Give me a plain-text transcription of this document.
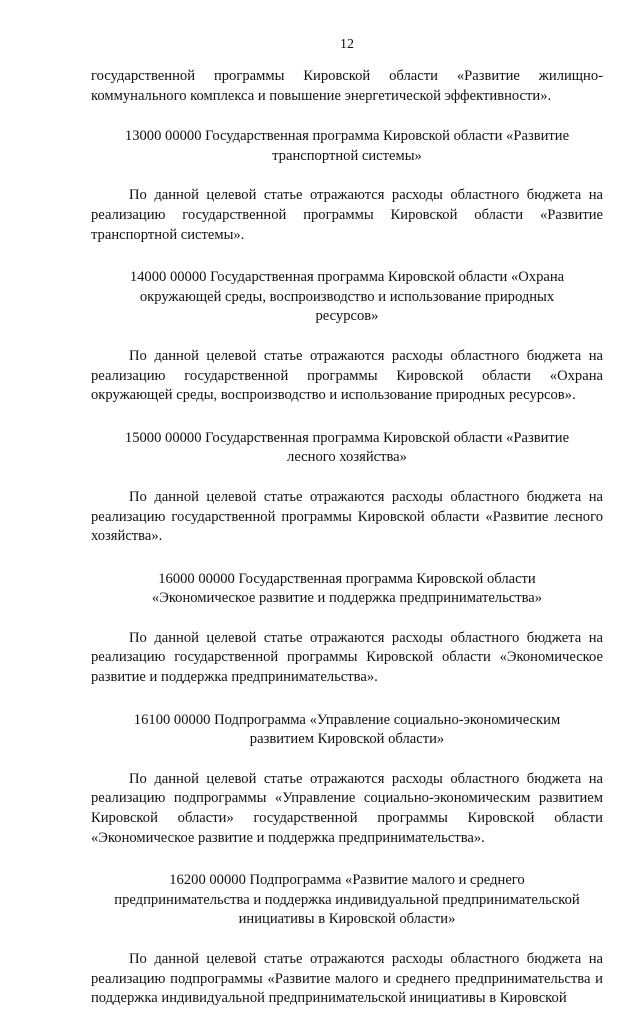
12

государственной программы Кировской области «Развитие жилищно-коммунального комплекса и повышение энергетической эффективности».

13000 00000 Государственная программа Кировской области «Развитие транспортной системы»

По данной целевой статье отражаются расходы областного бюджета на реализацию государственной программы Кировской области «Развитие транспортной системы».

14000 00000 Государственная программа Кировской области «Охрана окружающей среды, воспроизводство и использование природных ресурсов»

По данной целевой статье отражаются расходы областного бюджета на реализацию государственной программы Кировской области «Охрана окружающей среды, воспроизводство и использование природных ресурсов».

15000 00000 Государственная программа Кировской области «Развитие лесного хозяйства»

По данной целевой статье отражаются расходы областного бюджета на реализацию государственной программы Кировской области «Развитие лесного хозяйства».

16000 00000 Государственная программа Кировской области «Экономическое развитие и поддержка предпринимательства»

По данной целевой статье отражаются расходы областного бюджета на реализацию государственной программы Кировской области «Экономическое развитие и поддержка предпринимательства».

16100 00000 Подпрограмма «Управление социально-экономическим развитием Кировской области»

По данной целевой статье отражаются расходы областного бюджета на реализацию подпрограммы «Управление социально-экономическим развитием Кировской области» государственной программы Кировской области «Экономическое развитие и поддержка предпринимательства».

16200 00000 Подпрограмма «Развитие малого и среднего предпринимательства и поддержка индивидуальной предпринимательской инициативы в Кировской области»

По данной целевой статье отражаются расходы областного бюджета на реализацию подпрограммы «Развитие малого и среднего предпринимательства и поддержка индивидуальной предпринимательской инициативы в Кировской
